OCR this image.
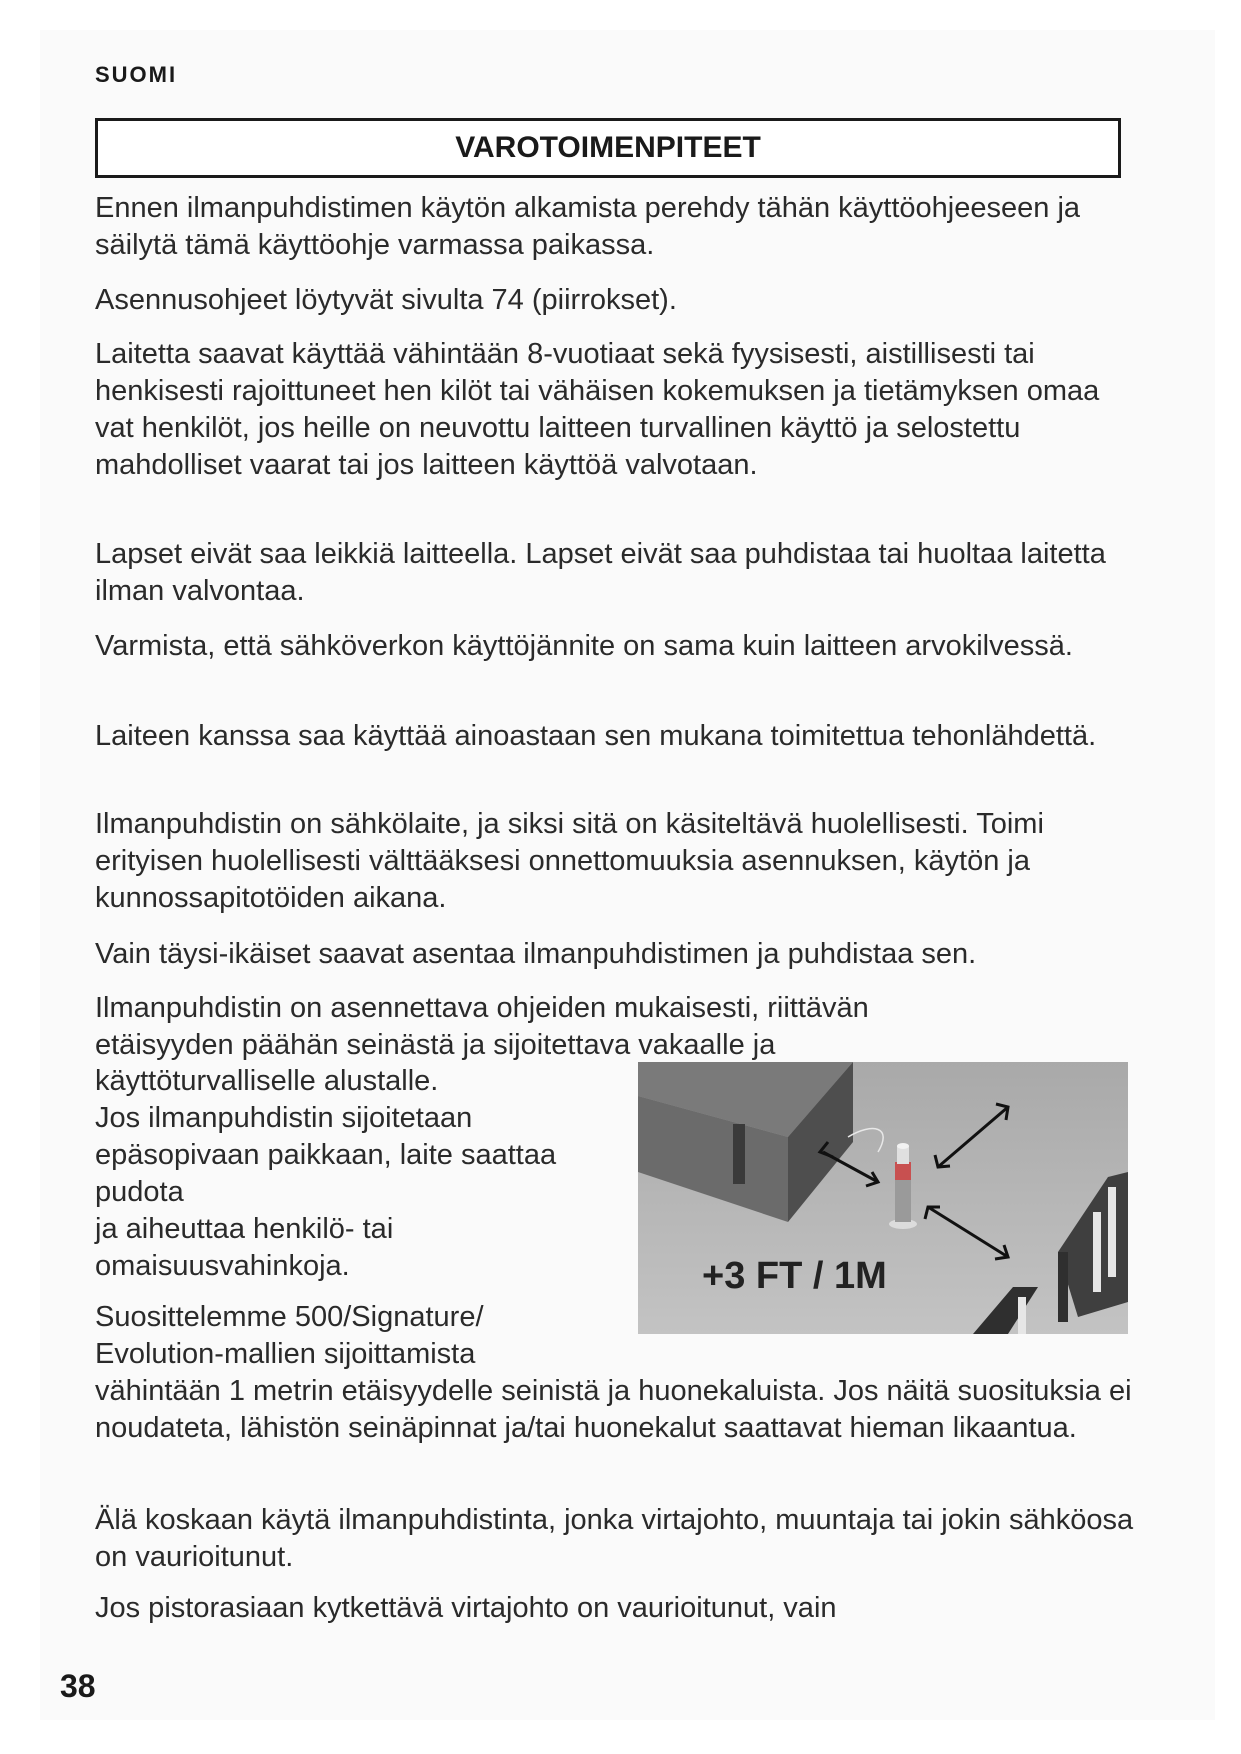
SUOMI
VAROTOIMENPITEET

Ennen ilmanpuhdistimen käytön alkamista perehdy tähän käyttöohjeeseen ja säilytä tämä käyttöohje varmassa paikassa.

Asennusohjeet löytyvät sivulta 74 (piirrokset).

Laitetta saavat käyttää vähintään 8-vuotiaat sekä fyysisesti, aistillisesti tai henkisesti rajoittuneet hen kilöt tai vähäisen kokemuksen ja tietämyksen omaa vat henkilöt, jos heille on neuvottu laitteen turvallinen käyttö ja selostettu mahdolliset vaarat tai jos laitteen käyttöä valvotaan.

Lapset eivät saa leikkiä laitteella. Lapset eivät saa puhdistaa tai huoltaa laitetta ilman valvontaa.

Varmista, että sähköverkon käyttöjännite on sama kuin laitteen arvokilvessä.

Laiteen kanssa saa käyttää ainoastaan sen mukana toimitettua tehonlähdettä.

Ilmanpuhdistin on sähkölaite, ja siksi sitä on käsiteltävä huolellisesti. Toimi erityisen huolellisesti välttääksesi onnettomuuksia asennuksen, käytön ja kunnossapitotöiden aikana.

Vain täysi-ikäiset saavat asentaa ilmanpuhdistimen ja puhdistaa sen.

Ilmanpuhdistin on asennettava ohjeiden mukaisesti, riittävän etäisyyden päähän seinästä ja sijoitettava vakaalle ja

käyttöturvalliselle alustalle.

Jos ilmanpuhdistin sijoitetaan epäsopivaan paikkaan, laite saattaa pudota

ja aiheuttaa henkilö- tai omaisuusvahinkoja.

Suosittelemme 500/Signature/ Evolution-mallien sijoittamista

vähintään 1 metrin etäisyydelle seinistä ja huonekaluista. Jos näitä suosituksia ei noudateta, lähistön seinäpinnat ja/tai huonekalut saattavat hieman likaantua.

Älä koskaan käytä ilmanpuhdistinta, jonka virtajohto, muuntaja tai jokin sähköosa on vaurioitunut.

Jos pistorasiaan kytkettävä virtajohto on vaurioitunut, vain

+3 FT / 1M
38
